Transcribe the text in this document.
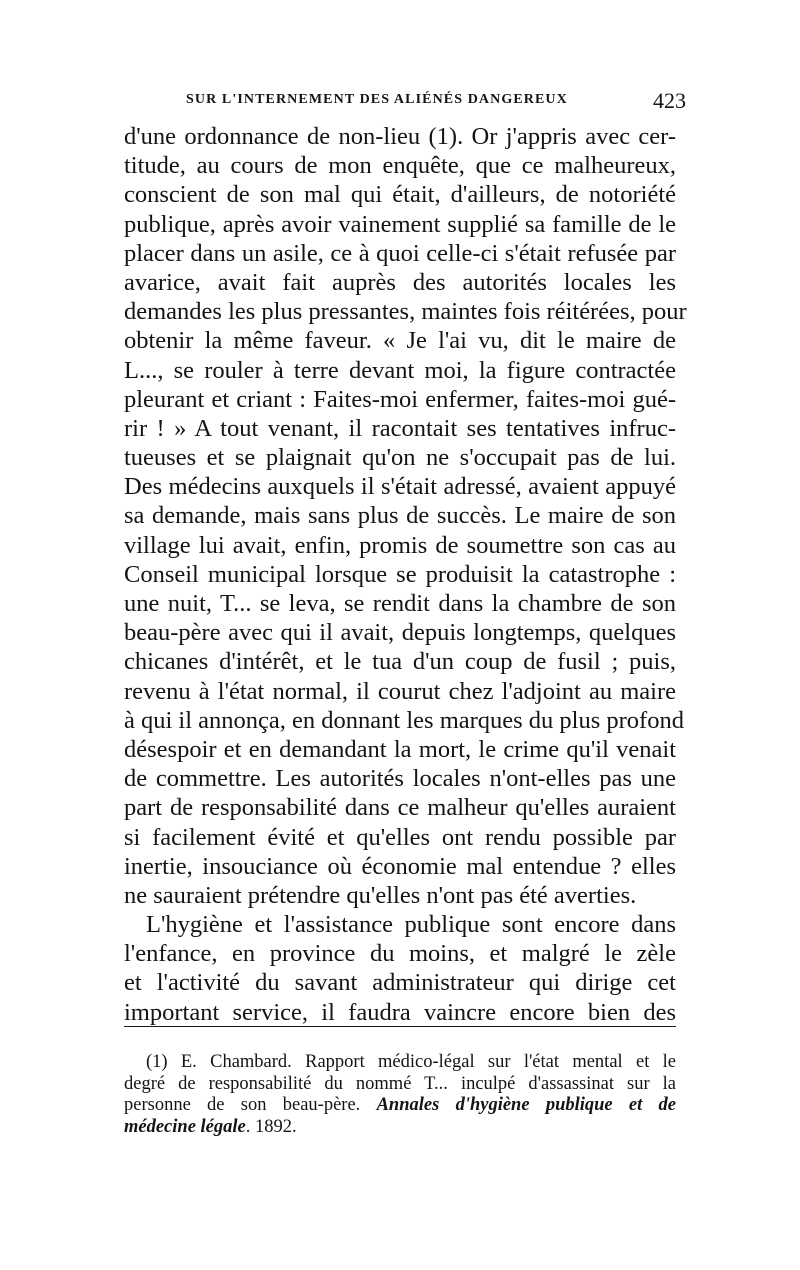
SUR L'INTERNEMENT DES ALIÉNÉS DANGEREUX	423
d'une ordonnance de non-lieu (1). Or j'appris avec cer-
titude, au cours de mon enquête, que ce malheureux,
conscient de son mal qui était, d'ailleurs, de notoriété
publique, après avoir vainement supplié sa famille de le
placer dans un asile, ce à quoi celle-ci s'était refusée par
avarice, avait fait auprès des autorités locales les
demandes les plus pressantes, maintes fois réitérées, pour
obtenir la même faveur. « Je l'ai vu, dit le maire de
L..., se rouler à terre devant moi, la figure contractée
pleurant et criant : Faites-moi enfermer, faites-moi gué-
rir ! » A tout venant, il racontait ses tentatives infruc-
tueuses et se plaignait qu'on ne s'occupait pas de lui.
Des médecins auxquels il s'était adressé, avaient appuyé
sa demande, mais sans plus de succès. Le maire de son
village lui avait, enfin, promis de soumettre son cas au
Conseil municipal lorsque se produisit la catastrophe :
une nuit, T... se leva, se rendit dans la chambre de son
beau-père avec qui il avait, depuis longtemps, quelques
chicanes d'intérêt, et le tua d'un coup de fusil ; puis,
revenu à l'état normal, il courut chez l'adjoint au maire
à qui il annonça, en donnant les marques du plus profond
désespoir et en demandant la mort, le crime qu'il venait
de commettre. Les autorités locales n'ont-elles pas une
part de responsabilité dans ce malheur qu'elles auraient
si facilement évité et qu'elles ont rendu possible par
inertie, insouciance où économie mal entendue ? elles
ne sauraient prétendre qu'elles n'ont pas été averties.
L'hygiène et l'assistance publique sont encore dans
l'enfance, en province du moins, et malgré le zèle
et l'activité du savant administrateur qui dirige cet
important service, il faudra vaincre encore bien des
(1) E. Chambard. Rapport médico-légal sur l'état mental et le
degré de responsabilité du nommé T... inculpé d'assassinat sur la
personne de son beau-père. Annales d'hygiène publique et de
médecine légale. 1892.
